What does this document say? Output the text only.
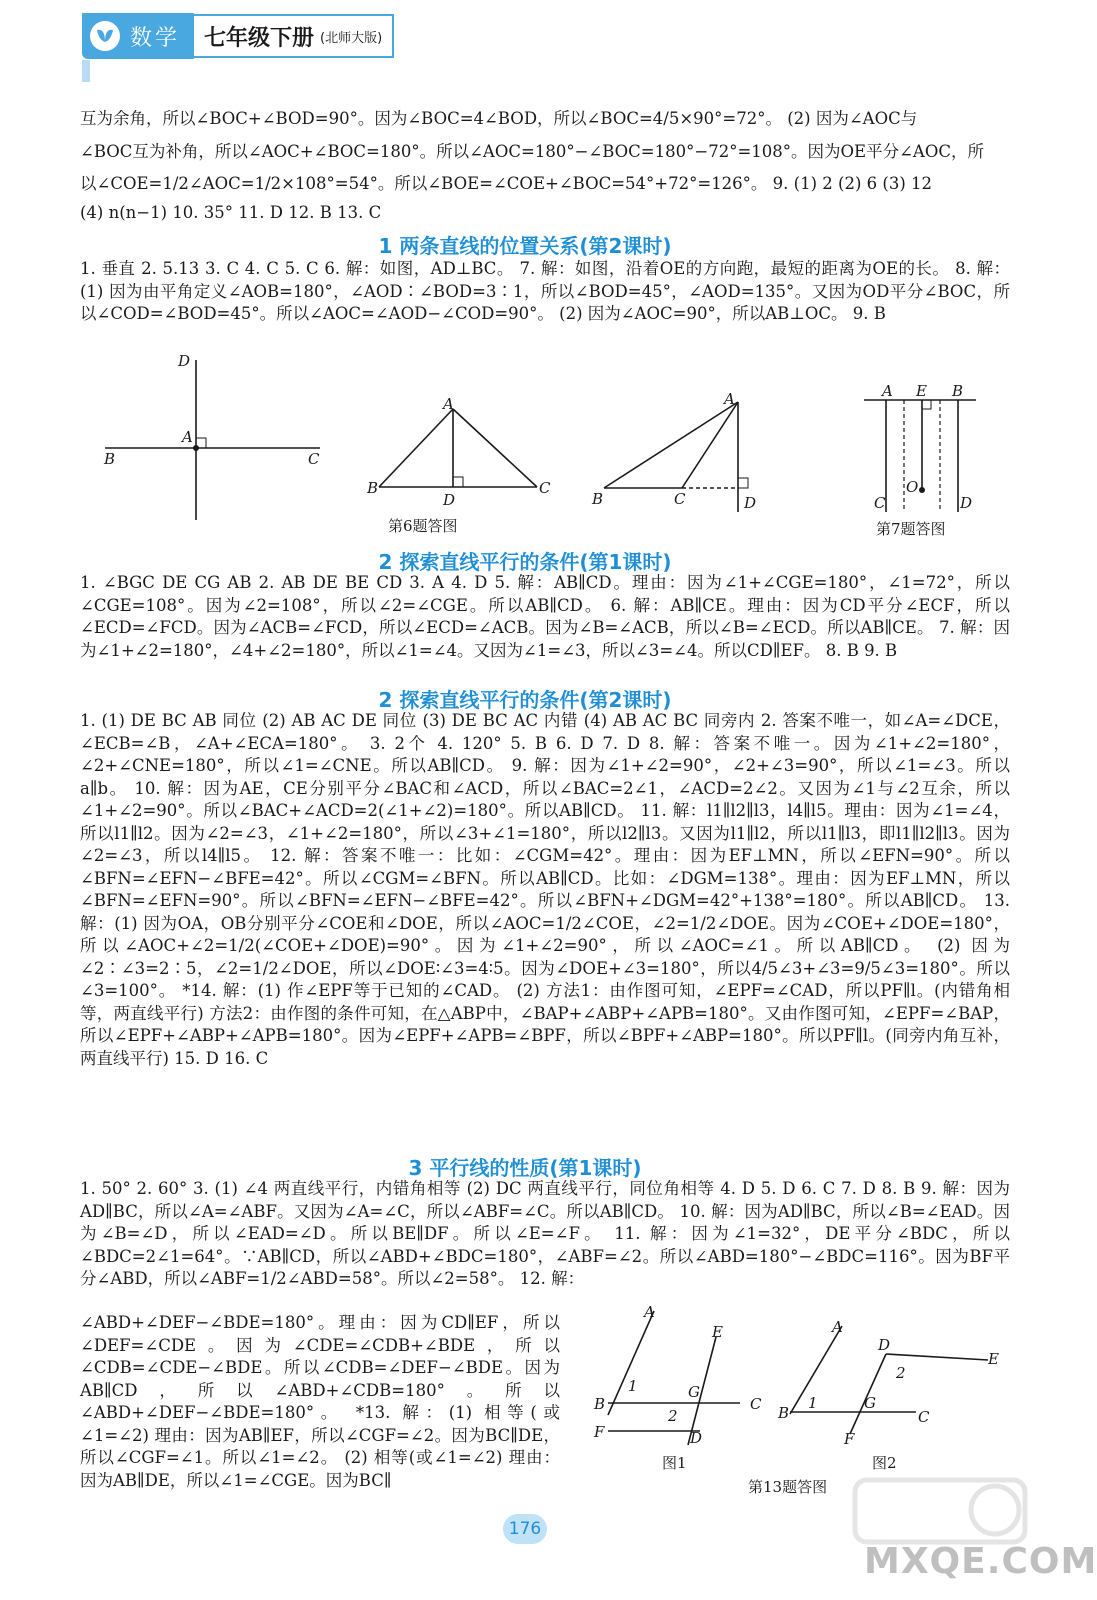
数学 七年级下册 (北师大版)

互为余角，所以∠BOC+∠BOD=90°。因为∠BOC=4∠BOD，所以∠BOC=4/5×90°=72°。 (2) 因为∠AOC与

∠BOC互为补角，所以∠AOC+∠BOC=180°。所以∠AOC=180°−∠BOC=180°−72°=108°。因为OE平分∠AOC，所

以∠COE=1/2∠AOC=1/2×108°=54°。所以∠BOE=∠COE+∠BOC=54°+72°=126°。 9. (1) 2 (2) 6 (3) 12

(4) n(n−1) 10. 35° 11. D 12. B 13. C

1 两条直线的位置关系(第2课时)
1. 垂直 2. 5.13 3. C 4. C 5. C 6. 解：如图，AD⊥BC。 7. 解：如图，沿着OE的方向跑，最短的距离为OE的长。 8. 解：(1) 因为由平角定义∠AOB=180°，∠AOD∶∠BOD=3∶1，所以∠BOD=45°，∠AOD=135°。又因为OD平分∠BOC，所以∠COD=∠BOD=45°。所以∠AOC=∠AOD−∠COD=90°。 (2) 因为∠AOC=90°，所以AB⊥OC。 9. B
D
A
B	C
A
B
D
C
A
B	C	D
A E B
C
O
D
第6题答图	第7题答图
2 探索直线平行的条件(第1课时)
1. ∠BGC DE CG AB 2. AB DE BE CD 3. A 4. D 5. 解：AB∥CD。理由：因为∠1+∠CGE=180°，∠1=72°，所以∠CGE=108°。因为∠2=108°，所以∠2=∠CGE。所以AB∥CD。 6. 解：AB∥CE。理由：因为CD平分∠ECF，所以∠ECD=∠FCD。因为∠ACB=∠FCD，所以∠ECD=∠ACB。因为∠B=∠ACB，所以∠B=∠ECD。所以AB∥CE。 7. 解：因为∠1+∠2=180°，∠4+∠2=180°，所以∠1=∠4。又因为∠1=∠3，所以∠3=∠4。所以CD∥EF。 8. B 9. B
2 探索直线平行的条件(第2课时)
1. (1) DE BC AB 同位 (2) AB AC DE 同位 (3) DE BC AC 内错 (4) AB AC BC 同旁内 2. 答案不唯一，如∠A=∠DCE，∠ECB=∠B，∠A+∠ECA=180°。 3. 2个 4. 120° 5. B 6. D 7. D 8. 解：答案不唯一。因为∠1+∠2=180°，∠2+∠CNE=180°，所以∠1=∠CNE。所以AB∥CD。 9. 解：因为∠1+∠2=90°，∠2+∠3=90°，所以∠1=∠3。所以a∥b。 10. 解：因为AE，CE分别平分∠BAC和∠ACD，所以∠BAC=2∠1，∠ACD=2∠2。又因为∠1与∠2互余，所以∠1+∠2=90°。所以∠BAC+∠ACD=2(∠1+∠2)=180°。所以AB∥CD。 11. 解：l1∥l2∥l3，l4∥l5。理由：因为∠1=∠4，所以l1∥l2。因为∠2=∠3，∠1+∠2=180°，所以∠3+∠1=180°，所以l2∥l3。又因为l1∥l2，所以l1∥l3，即l1∥l2∥l3。因为∠2=∠3，所以l4∥l5。 12. 解：答案不唯一：比如：∠CGM=42°。理由：因为EF⊥MN，所以∠EFN=90°。所以∠BFN=∠EFN−∠BFE=42°。所以∠CGM=∠BFN。所以AB∥CD。比如：∠DGM=138°。理由：因为EF⊥MN，所以∠BFN=∠EFN=90°。所以∠BFN=∠EFN−∠BFE=42°。所以∠BFN+∠DGM=42°+138°=180°。所以AB∥CD。 13. 解：(1) 因为OA，OB分别平分∠COE和∠DOE，所以∠AOC=1/2∠COE，∠2=1/2∠DOE。因为∠COE+∠DOE=180°，所以∠AOC+∠2=1/2(∠COE+∠DOE)=90°。因为∠1+∠2=90°，所以∠AOC=∠1。所以AB∥CD。 (2) 因为∠2∶∠3=2∶5，∠2=1/2∠DOE，所以∠DOE∶∠3=4∶5。因为∠DOE+∠3=180°，所以4/5∠3+∠3=9/5∠3=180°。所以∠3=100°。 *14. 解：(1) 作∠EPF等于已知的∠CAD。 (2) 方法1：由作图可知，∠EPF=∠CAD，所以PF∥l。(内错角相等，两直线平行) 方法2：由作图的条件可知，在△ABP中，∠BAP+∠ABP+∠APB=180°。又由作图可知，∠EPF=∠BAP，所以∠EPF+∠ABP+∠APB=180°。因为∠EPF+∠APB=∠BPF，所以∠BPF+∠ABP=180°。所以PF∥l。(同旁内角互补，两直线平行) 15. D 16. C
3 平行线的性质(第1课时)
1. 50° 2. 60° 3. (1) ∠4 两直线平行，内错角相等 (2) DC 两直线平行，同位角相等 4. D 5. D 6. C 7. D 8. B 9. 解：因为AD∥BC，所以∠A=∠ABF。又因为∠A=∠C，所以∠ABF=∠C。所以AB∥CD。 10. 解：因为AD∥BC，所以∠B=∠EAD。因为∠B=∠D，所以∠EAD=∠D。所以BE∥DF。所以∠E=∠F。 11. 解：因为∠1=32°，DE平分∠BDC，所以∠BDC=2∠1=64°。∵AB∥CD，所以∠ABD+∠BDC=180°，∠ABF=∠2。所以∠ABD=180°−∠BDC=116°。因为BF平分∠ABD，所以∠ABF=1/2∠ABD=58°。所以∠2=58°。 12. 解：
∠ABD+∠DEF−∠BDE=180°。理由：因为CD∥EF，所以∠DEF=∠CDE。因为∠CDE=∠CDB+∠BDE，所以∠CDB=∠CDE−∠BDE。所以∠CDB=∠DEF−∠BDE。因为AB∥CD，所以∠ABD+∠CDB=180°。所以∠ABD+∠DEF−∠BDE=180°。 *13. 解：(1) 相等(或∠1=∠2) 理由：因为AB∥EF，所以∠CGF=∠2。因为BC∥DE，所以∠CGF=∠1。所以∠1=∠2。 (2) 相等(或∠1=∠2) 理由：因为AB∥DE，所以∠1=∠CGE。因为BC∥
A
E
B
1	G
C
F
2
D
A
D
E
2
B
1	G
C
F
图1	图2
第13题答图
176
MXQE.COM
